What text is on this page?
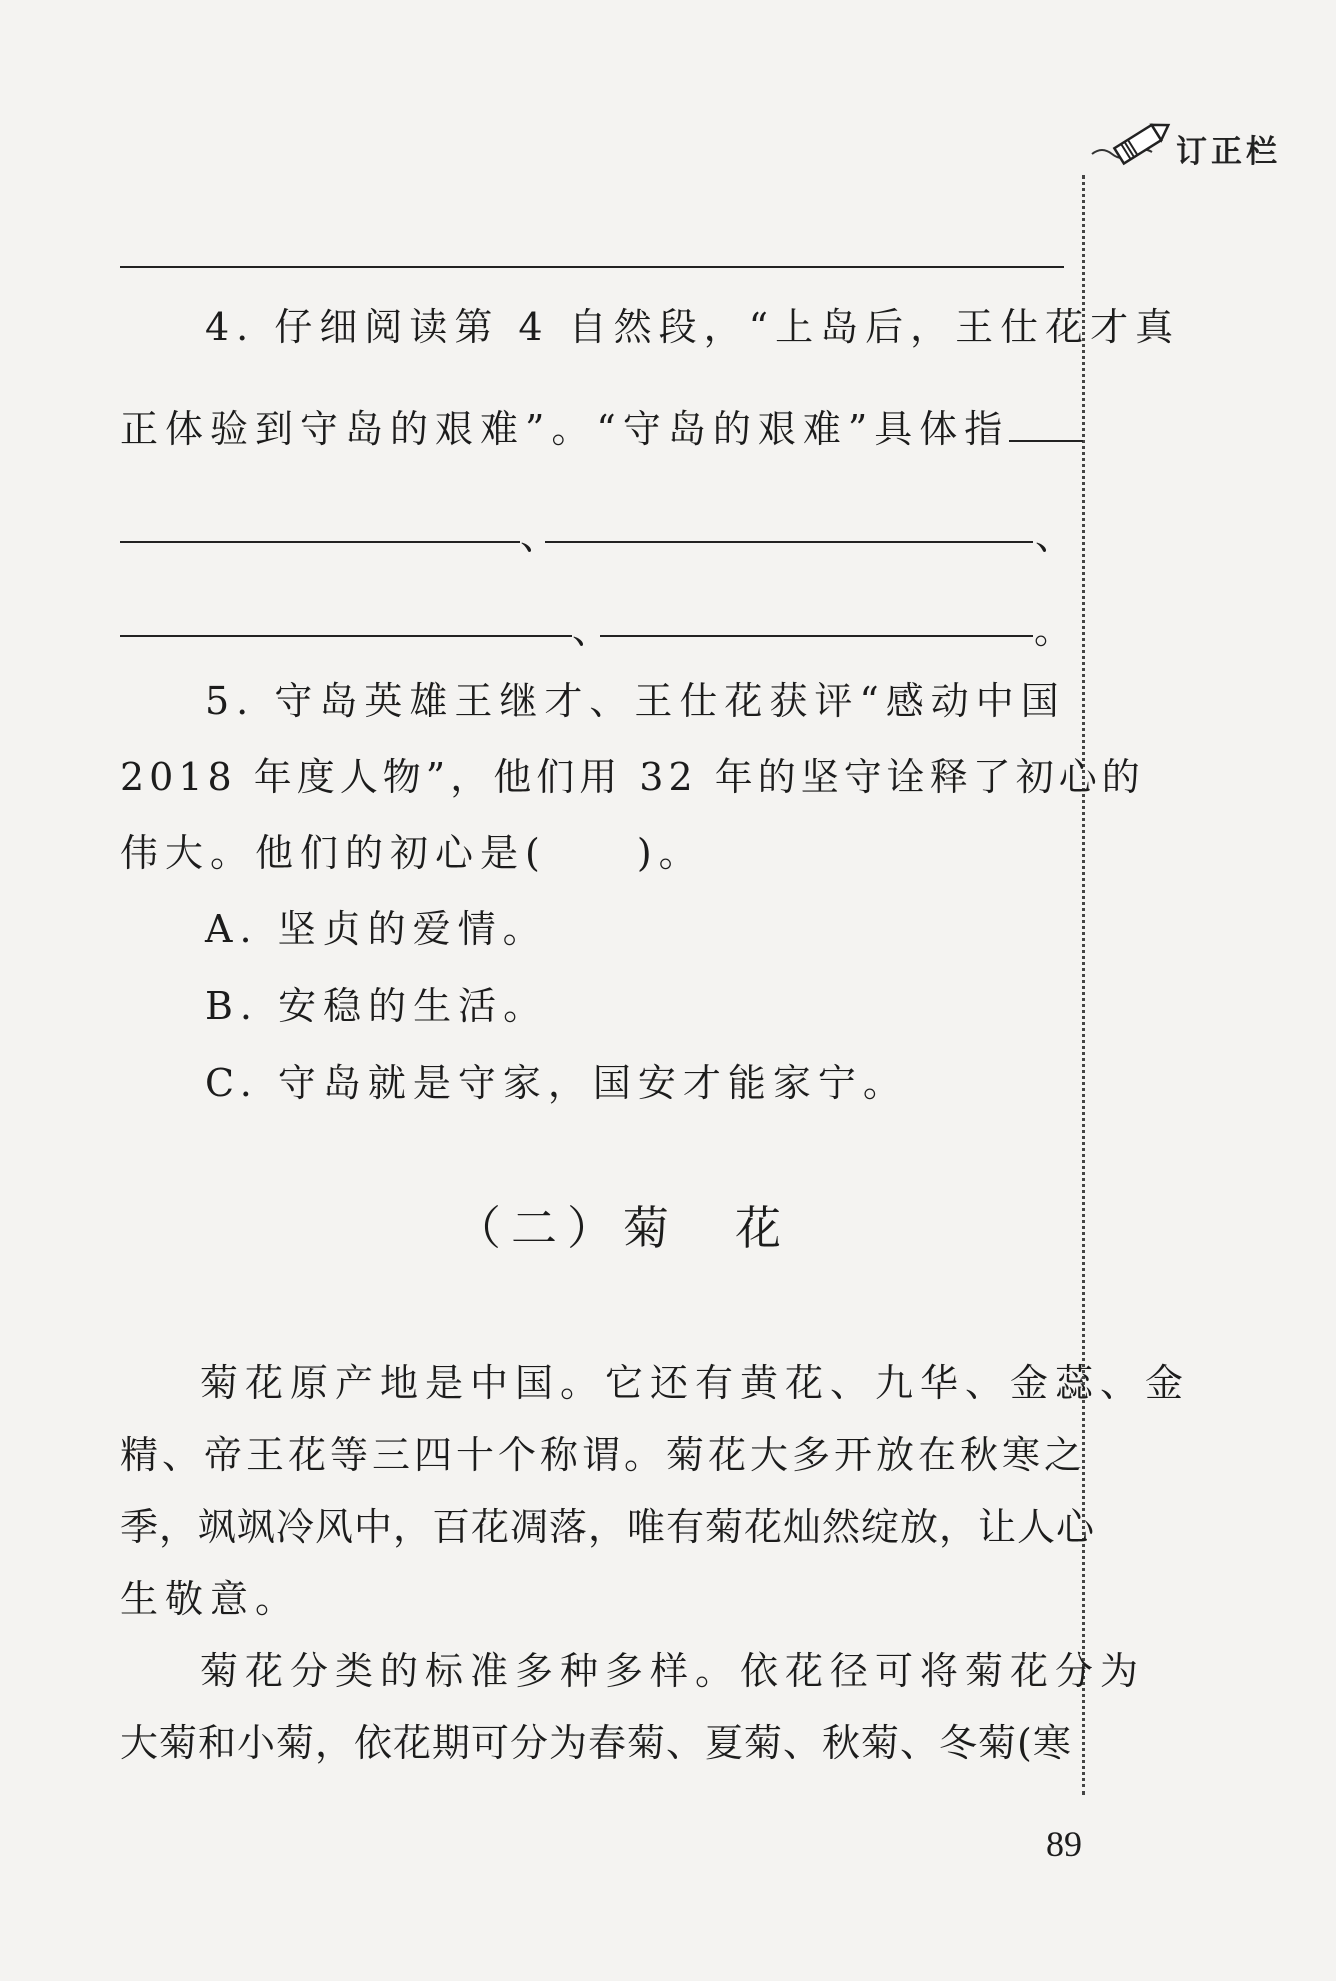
订正栏
4. 仔细阅读第 4 自然段，“上岛后，王仕花才真
正体验到守岛的艰难”。“守岛的艰难”具体指
、	、
、	。
5. 守岛英雄王继才、王仕花获评“感动中国
2018 年度人物”，他们用 32 年的坚守诠释了初心的
伟大。他们的初心是(　　)。
A. 坚贞的爱情。
B. 安稳的生活。
C. 守岛就是守家，国安才能家宁。
（二）菊　花
菊花原产地是中国。它还有黄花、九华、金蕊、金
精、帝王花等三四十个称谓。菊花大多开放在秋寒之
季，飒飒冷风中，百花凋落，唯有菊花灿然绽放，让人心
生敬意。
菊花分类的标准多种多样。依花径可将菊花分为
大菊和小菊，依花期可分为春菊、夏菊、秋菊、冬菊(寒
89
